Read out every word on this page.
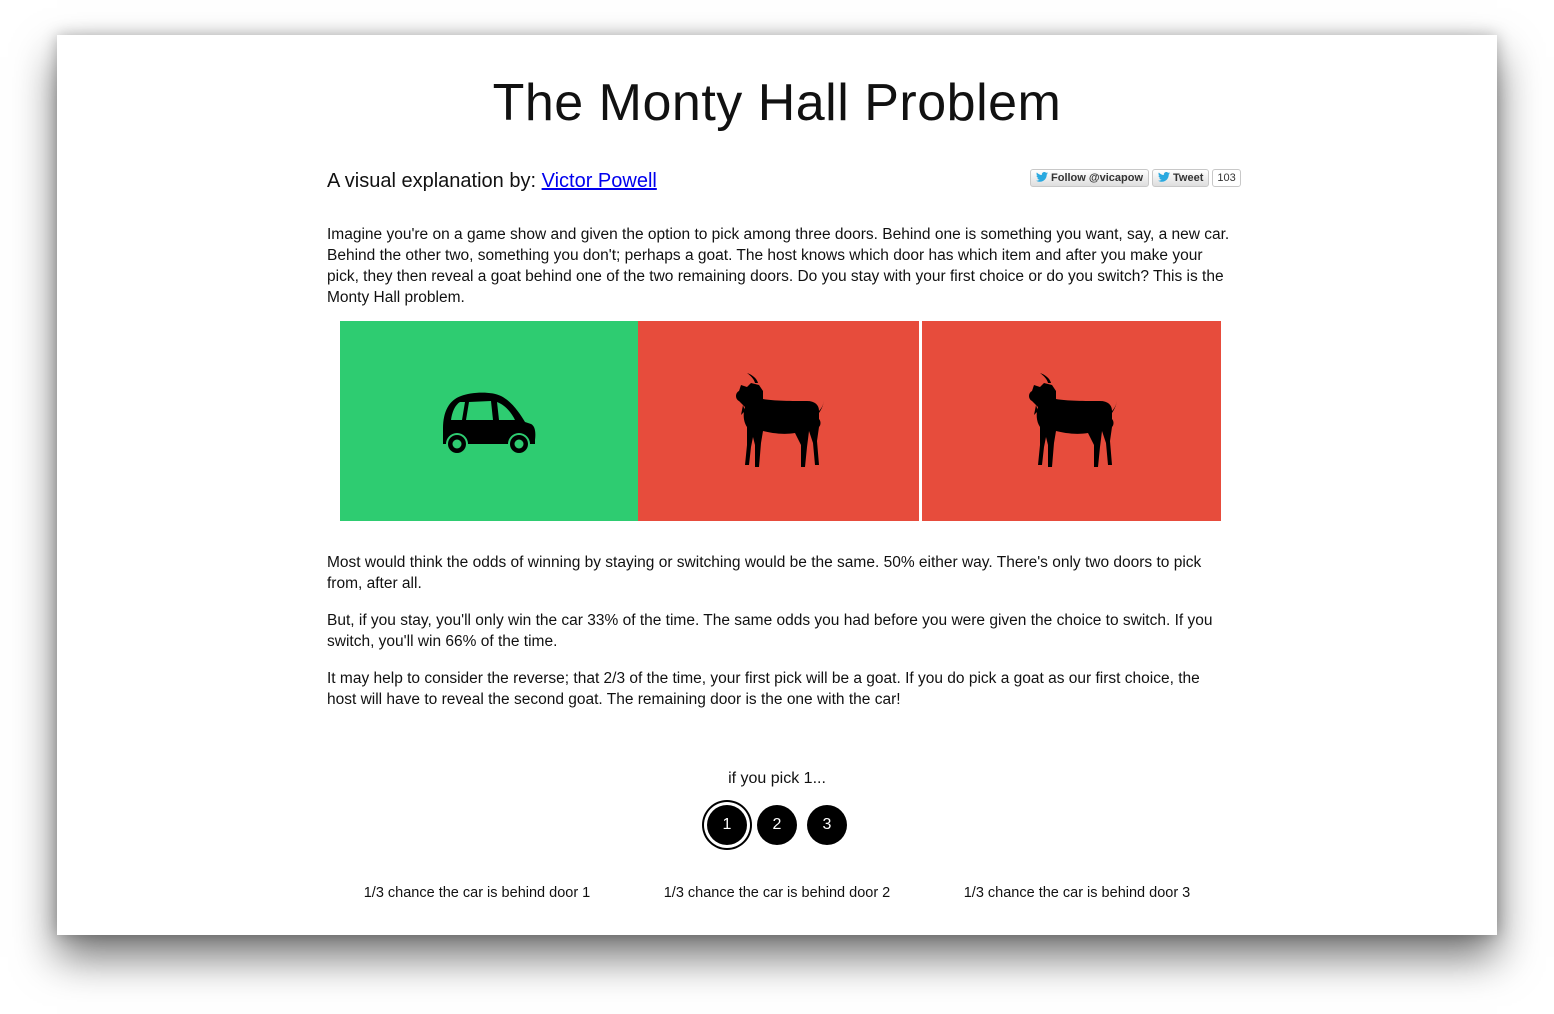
The Monty Hall Problem
A visual explanation by: Victor Powell	Follow @vicapow	Tweet	103

Imagine you're on a game show and given the option to pick among three doors. Behind one is something you want, say, a new car. Behind the other two, something you don't; perhaps a goat. The host knows which door has which item and after you make your pick, they then reveal a goat behind one of the two remaining doors. Do you stay with your first choice or do you switch? This is the Monty Hall problem.

Most would think the odds of winning by staying or switching would be the same. 50% either way. There's only two doors to pick from, after all.

But, if you stay, you'll only win the car 33% of the time. The same odds you had before you were given the choice to switch. If you switch, you'll win 66% of the time.

It may help to consider the reverse; that 2/3 of the time, your first pick will be a goat. If you do pick a goat as our first choice, the host will have to reveal the second goat. The remaining door is the one with the car!

if you pick 1...
1	2	3
1/3 chance the car is behind door 1	1/3 chance the car is behind door 2	1/3 chance the car is behind door 3
